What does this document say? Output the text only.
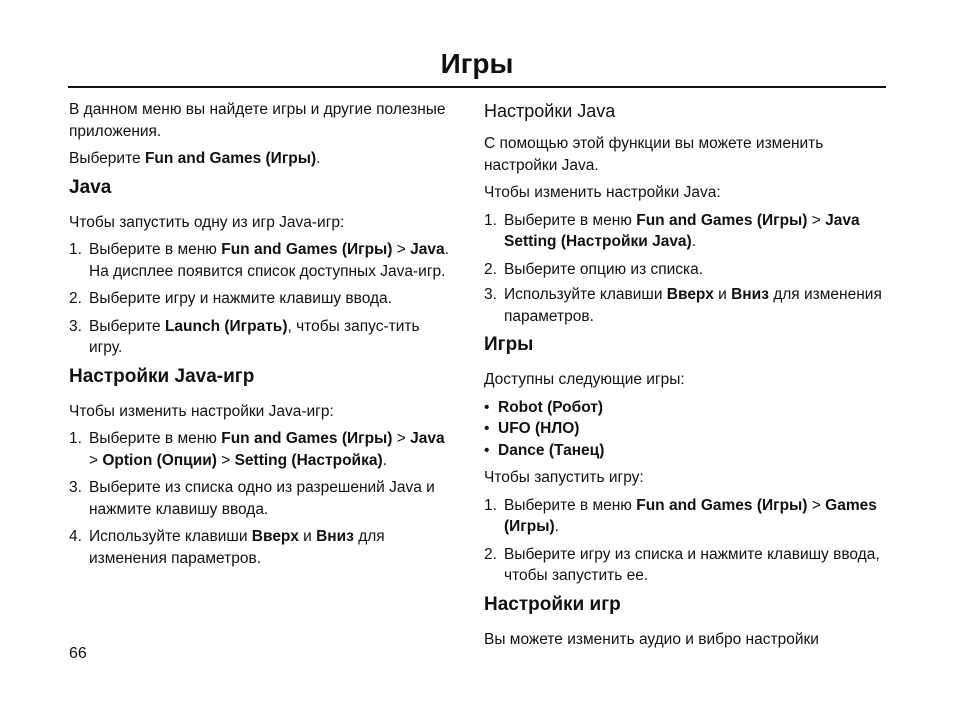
Игры

В данном меню вы найдете игры и другие полезные приложения.

Выберите Fun and Games (Игры).

Java

Чтобы запустить одну из игр Java-игр:

1. Выберите в меню Fun and Games (Игры) > Java.
На дисплее появится список доступных Java-игр.
2. Выберите игру и нажмите клавишу ввода.
3. Выберите Launch (Играть), чтобы запус-тить игру.
Настройки Java-игр

Чтобы изменить настройки Java-игр:

1. Выберите в меню Fun and Games (Игры) > Java > Option (Опции) > Setting (Настройка).
3. Выберите из списка одно из разрешений Java и нажмите клавишу ввода.
4. Используйте клавиши Вверх и Вниз для изменения параметров.
Настройки Java

С помощью этой функции вы можете изменить настройки Java.

Чтобы изменить настройки Java:

1. Выберите в меню Fun and Games (Игры) > Java Setting (Настройки Java).
2. Выберите опцию из списка.
3. Используйте клавиши Вверх и Вниз для изменения параметров.
Игры

Доступны следующие игры:

• Robot (Робот)
• UFO (НЛО)
• Dance (Танец)

Чтобы запустить игру:

1. Выберите в меню Fun and Games (Игры) > Games (Игры).
2. Выберите игру из списка и нажмите клавишу ввода, чтобы запустить ее.
Настройки игр

Вы можете изменить аудио и вибро настройки

66
